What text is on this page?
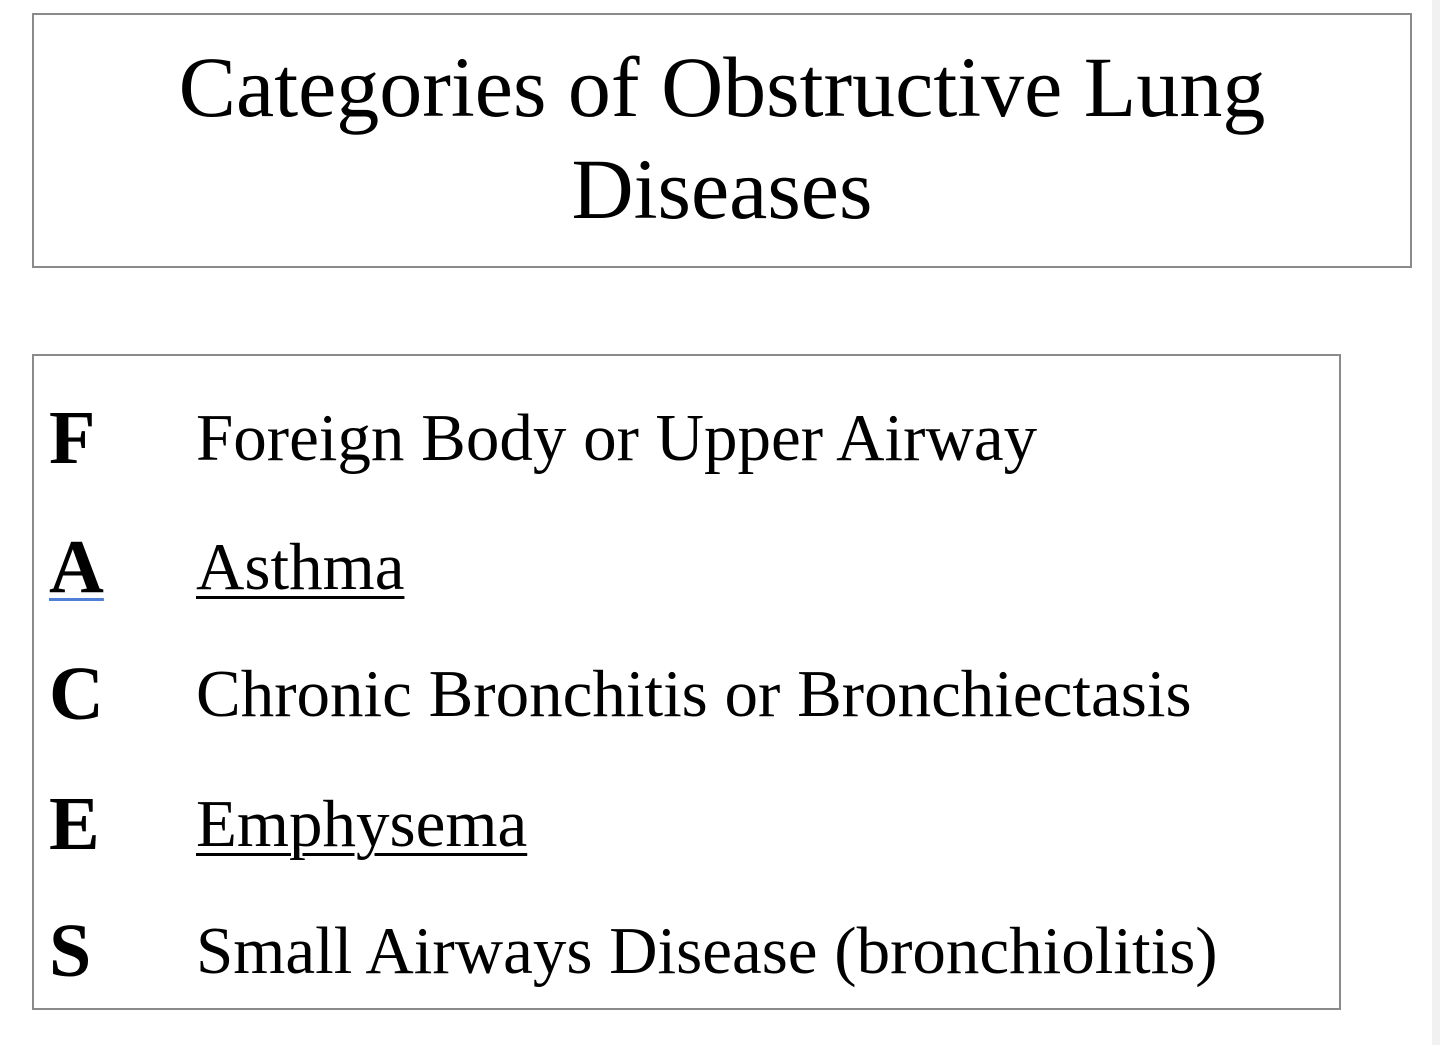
Categories of Obstructive Lung Diseases
F Foreign Body or Upper Airway
A Asthma
C Chronic Bronchitis or Bronchiectasis
E Emphysema
S Small Airways Disease (bronchiolitis)
